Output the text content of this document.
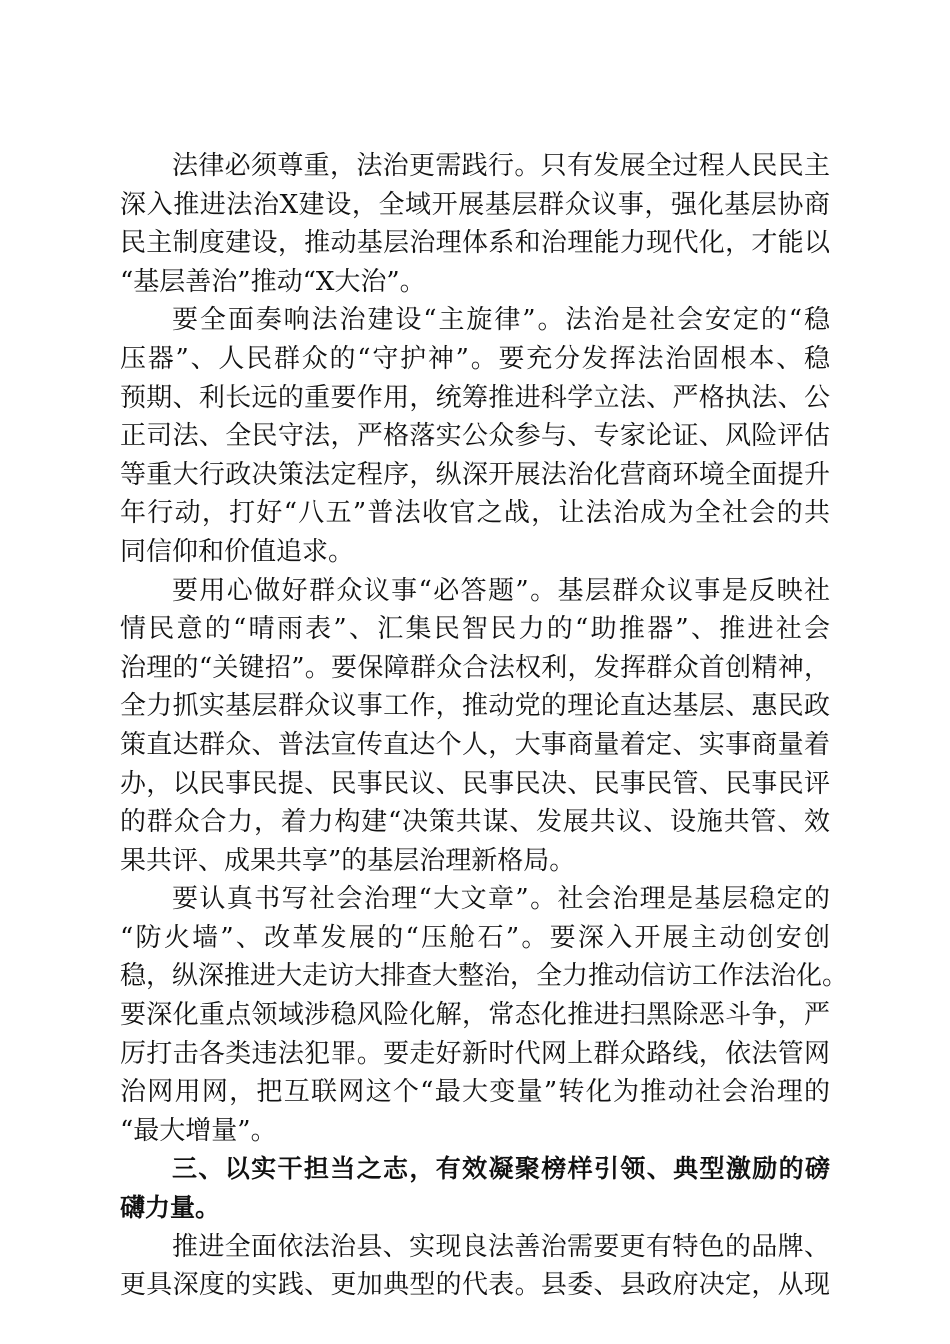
法律必须尊重，法治更需践行。只有发展全过程人民民主
深入推进法治X建设，全域开展基层群众议事，强化基层协商
民主制度建设，推动基层治理体系和治理能力现代化，才能以
“基层善治”推动“X大治”。
要全面奏响法治建设“主旋律”。法治是社会安定的“稳
压器”、人民群众的“守护神”。要充分发挥法治固根本、稳
预期、利长远的重要作用，统筹推进科学立法、严格执法、公
正司法、全民守法，严格落实公众参与、专家论证、风险评估
等重大行政决策法定程序，纵深开展法治化营商环境全面提升
年行动，打好“八五”普法收官之战，让法治成为全社会的共
同信仰和价值追求。
要用心做好群众议事“必答题”。基层群众议事是反映社
情民意的“晴雨表”、汇集民智民力的“助推器”、推进社会
治理的“关键招”。要保障群众合法权利，发挥群众首创精神，
全力抓实基层群众议事工作，推动党的理论直达基层、惠民政
策直达群众、普法宣传直达个人，大事商量着定、实事商量着
办，以民事民提、民事民议、民事民决、民事民管、民事民评
的群众合力，着力构建“决策共谋、发展共议、设施共管、效
果共评、成果共享”的基层治理新格局。
要认真书写社会治理“大文章”。社会治理是基层稳定的
“防火墙”、改革发展的“压舱石”。要深入开展主动创安创
稳，纵深推进大走访大排查大整治，全力推动信访工作法治化。
要深化重点领域涉稳风险化解，常态化推进扫黑除恶斗争，严
厉打击各类违法犯罪。要走好新时代网上群众路线，依法管网
治网用网，把互联网这个“最大变量”转化为推动社会治理的
“最大增量”。
三、以实干担当之志，有效凝聚榜样引领、典型激励的磅
礴力量。
推进全面依法治县、实现良法善治需要更有特色的品牌、
更具深度的实践、更加典型的代表。县委、县政府决定，从现
